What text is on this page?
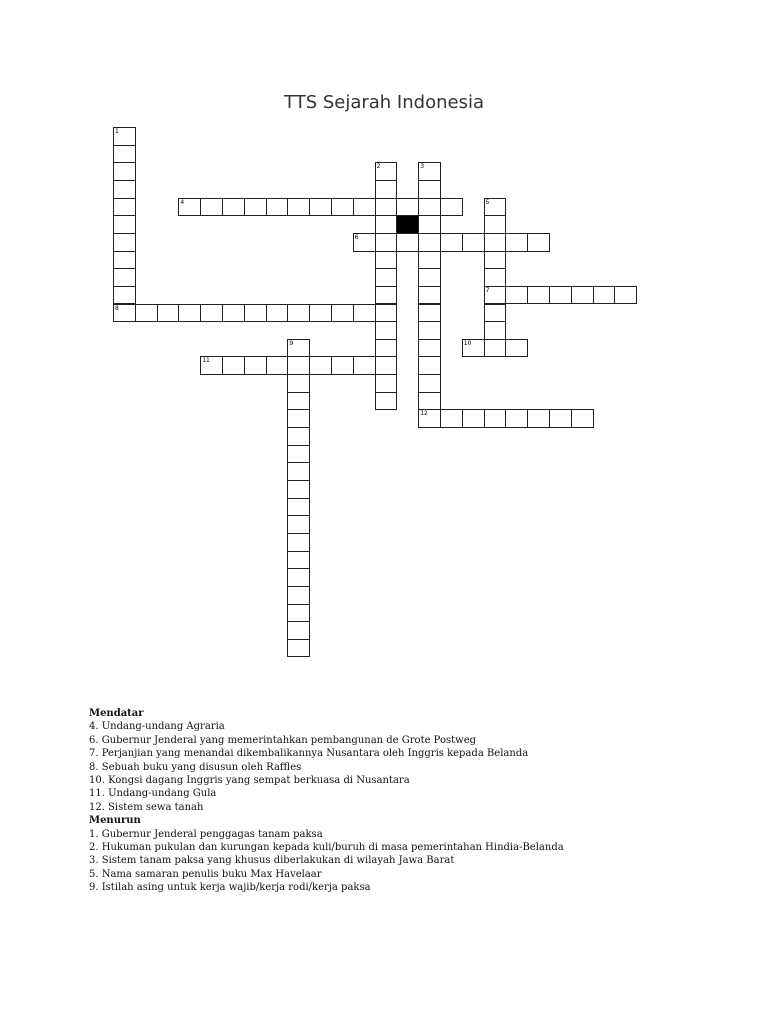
TTS Sejarah Indonesia
1
8
2	3
12
4
6
5
7
10
9
11
Mendatar
4. Undang-undang Agraria
6. Gubernur Jenderal yang memerintahkan pembangunan de Grote Postweg
7. Perjanjian yang menandai dikembalikannya Nusantara oleh Inggris kepada Belanda
8. Sebuah buku yang disusun oleh Raffles
10. Kongsi dagang Inggris yang sempat berkuasa di Nusantara
11. Undang-undang Gula
12. Sistem sewa tanah
Menurun
1. Gubernur Jenderal penggagas tanam paksa
2. Hukuman pukulan dan kurungan kepada kuli/buruh di masa pemerintahan Hindia-Belanda
3. Sistem tanam paksa yang khusus diberlakukan di wilayah Jawa Barat
5. Nama samaran penulis buku Max Havelaar
9. Istilah asing untuk kerja wajib/kerja rodi/kerja paksa
